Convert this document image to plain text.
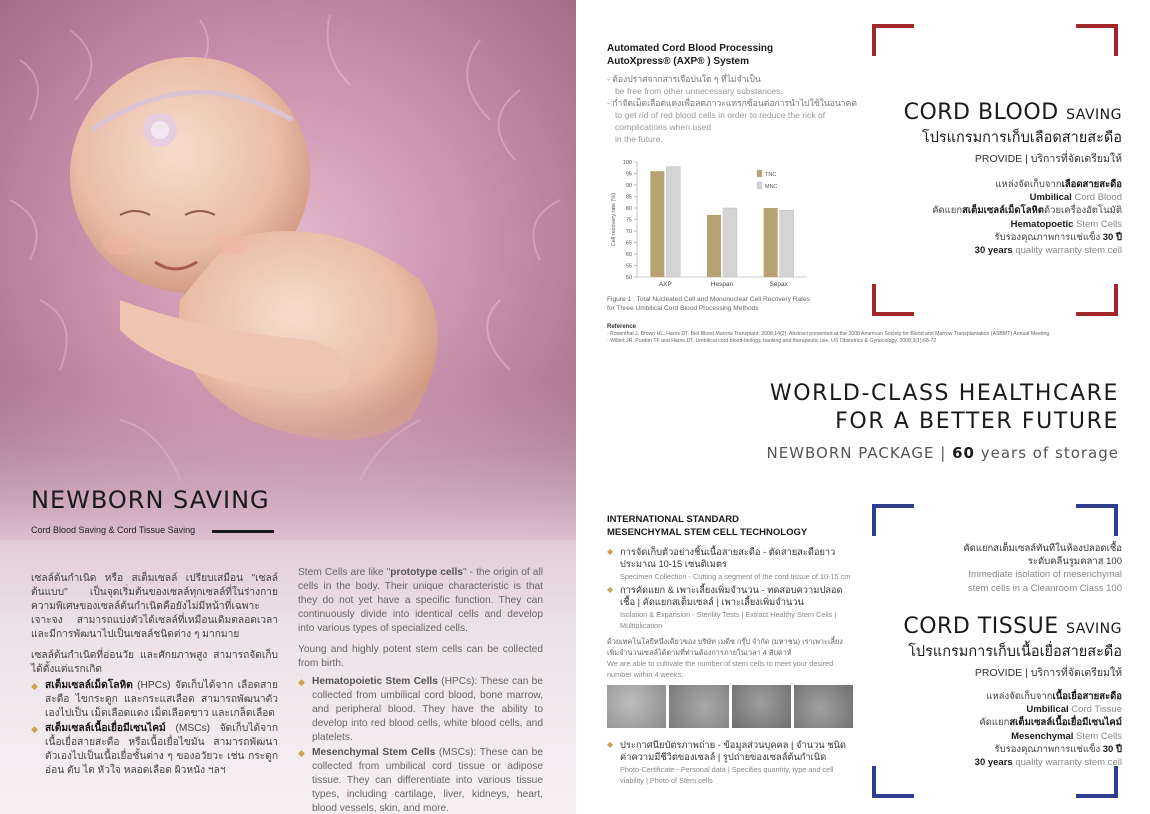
NEWBORN SAVING
Cord Blood Saving & Cord Tissue Saving

เซลล์ต้นกำเนิด หรือ สเต็มเซลล์ เปรียบเสมือน "เซลล์ต้นแบบ" เป็นจุดเริ่มต้นของเซลล์ทุกเซลล์ที่ในร่างกาย ความพิเศษของเซลล์ต้นกำเนิดคือยังไม่มีหน้าที่เฉพาะเจาะจง สามารถแบ่งตัวได้เซลล์ที่เหมือนเดิมตลอดเวลาและมีการพัฒนาไปเป็นเซลล์ชนิดต่าง ๆ มากมาย

เซลล์ต้นกำเนิดที่อ่อนวัย และศักยภาพสูง สามารถจัดเก็บได้ตั้งแต่แรกเกิด

◆ สเต็มเซลล์เม็ดโลหิต (HPCs) จัดเก็บได้จาก เลือดสายสะดือ ไขกระดูก และกระแสเลือด สามารถพัฒนาตัวเองไปเป็น เม็ดเลือดแดง เม็ดเลือดขาว และเกล็ดเลือด
◆ สเต็มเซลล์เนื้อเยื่อมีเซนไคม์ (MSCs) จัดเก็บได้จาก เนื้อเยื่อสายสะดือ หรือเนื้อเยื่อไขมัน สามารถพัฒนาตัวเองไปเป็นเนื้อเยื่อชั้นต่าง ๆ ของอวัยวะ เช่น กระดูกอ่อน ตับ ไต หัวใจ หลอดเลือด ผิวหนัง ฯลฯ

Stem Cells are like "prototype cells" - the origin of all cells in the body. Their unique characteristic is that they do not yet have a specific function. They can continuously divide into identical cells and develop into various types of specialized cells.

Young and highly potent stem cells can be collected from birth.

◆ Hematopoietic Stem Cells (HPCs): These can be collected from umbilical cord blood, bone marrow, and peripheral blood. They have the ability to develop into red blood cells, white blood cells, and platelets.
◆ Mesenchymal Stem Cells (MSCs): These can be collected from umbilical cord tissue or adipose tissue. They can differentiate into various tissue types, including cartilage, liver, kidneys, heart, blood vessels, skin, and more.
Automated Cord Blood Processing
AutoXpress® (AXP® ) System
- ต้องปราศจากสารเจือปนใด ๆ ที่ไม่จำเป็น
be free from other unnecessary substances.
- กำจัดเม็ดเลือดแดงเพื่อลดภาวะแทรกซ้อนต่อการนำไปใช้ในอนาคต
to get rid of red blood cells in order to reduce the rick of complications when used
in the future.
50
55
60
65
70
75
80
85
90
95
100
Cell recovery rate (%)
AXP	Hespan	Sepax
TNC
MNC
Figure 1 : Total Nucleated Cell and Mononuclear Cell Recovery Rates for Three Umbilical Cord Blood Processing Methods
Reference
- Rosenthal J, Brown HL, Harris DT. Biol Blood Marrow Transplant. 2008;14(2). Abstract presented at the 2008 American Society for Blood and Marrow Transplantation (ASBMT) Annual Meeting.
- Willert JR, Purdon TF and Harris DT. Umbilical cord blood-biology, banking and therapeutic use. US Obstetrics & Gynecology. 2008;3(1):68-72
CORD BLOOD SAVING
โปรแกรมการเก็บเลือดสายสะดือ
PROVIDE | บริการที่จัดเตรียมให้
แหล่งจัดเก็บจากเลือดสายสะดือ
Umbilical Cord Blood
คัดแยกสเต็มเซลล์เม็ดโลหิตด้วยเครื่องอัตโนมัติ
Hematopoetic Stem Cells
รับรองคุณภาพการแช่แข็ง 30 ปี
30 years quality warranty stem cell
WORLD-CLASS HEALTHCARE
FOR A BETTER FUTURE
NEWBORN PACKAGE | 60 years of storage
INTERNATIONAL STANDARD
MESENCHYMAL STEM CELL TECHNOLOGY
◆ การจัดเก็บตัวอย่างชิ้นเนื้อสายสะดือ - ตัดสายสะดือยาวประมาณ 10-15 เซนติเมตร
Specimen Collection - Cutting a segment of the cord tissue of 10-15 cm
◆ การคัดแยก & เพาะเลี้ยงเพิ่มจำนวน - ทดสอบความปลอดเชื้อ | คัดแยกสเต็มเซลล์ | เพาะเลี้ยงเพิ่มจำนวน
Isolation & Expansion - Sterility Tests | Extract Healthy Stem Cells | Multiplication
ด้วยเทคโนโลยีหนึ่งเดียวของ บริษัท เมดีซ กรุ๊ป จำกัด (มหาชน) เราเพาะเลี้ยงเพิ่มจำนวนเซลล์ได้ตามที่ท่านต้องการภายในเวลา 4 สัปดาห์
We are able to cultivate the number of stem cells to meet your desired number within 4 weeks.
◆ ประกาศนียบัตรภาพถ่าย - ข้อมูลส่วนบุคคล | จำนวน ชนิด ค่าความมีชีวิตของเซลล์ | รูปถ่ายของเซลล์ต้นกำเนิด
Photo-Certificate - Personal data | Specifies quantity, type and cell viability | Photo of Stem cells
คัดแยกสเต็มเซลล์ทันทีในห้องปลอดเชื้อ
ระดับคลีนรูมคลาส 100
Immediate isolation of mesenchymal
stem cells in a Cleanroom Class 100
CORD TISSUE SAVING
โปรแกรมการเก็บเนื้อเยื่อสายสะดือ
PROVIDE | บริการที่จัดเตรียมให้
แหล่งจัดเก็บจากเนื้อเยื่อสายสะดือ
Umbilical Cord Tissue
คัดแยกสเต็มเซลล์เนื้อเยื่อมีเซนไคม์
Mesenchymal Stem Cells
รับรองคุณภาพการแช่แข็ง 30 ปี
30 years quality warranty stem cell
